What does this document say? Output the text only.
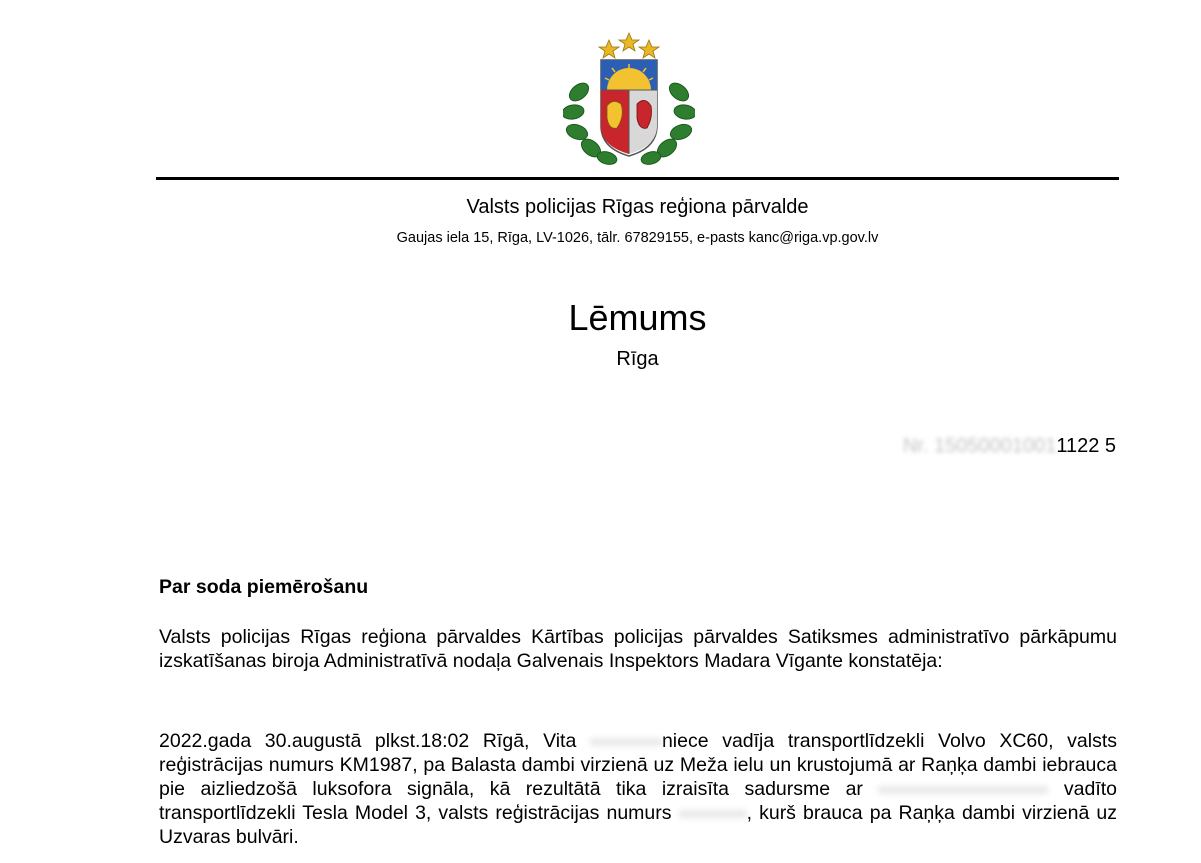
Valsts policijas Rīgas reģiona pārvalde
Gaujas iela 15, Rīga, LV-1026, tālr. 67829155, e-pasts kanc@riga.vp.gov.lv
Lēmums
Rīga
Nr. 150500010011122 5
Par soda piemērošanu
Valsts policijas Rīgas reģiona pārvaldes Kārtības policijas pārvaldes Satiksmes administratīvo pārkāpumu izskatīšanas biroja Administratīvā nodaļa Galvenais Inspektors Madara Vīgante konstatēja:
2022.gada 30.augustā plkst.18:02 Rīgā, Vita	niece vadīja transportlīdzekli Volvo XC60, valsts reģistrācijas numurs KM1987, pa Balasta dambi virzienā uz Meža ielu un krustojumā ar Raņķa dambi iebrauca pie aizliedzošā luksofora signāla, kā rezultātā tika izraisīta sadursme ar	vadīto transportlīdzekli Tesla Model 3, valsts reģistrācijas numurs	, kurš brauca pa Raņķa dambi virzienā uz Uzvaras bulvāri.
